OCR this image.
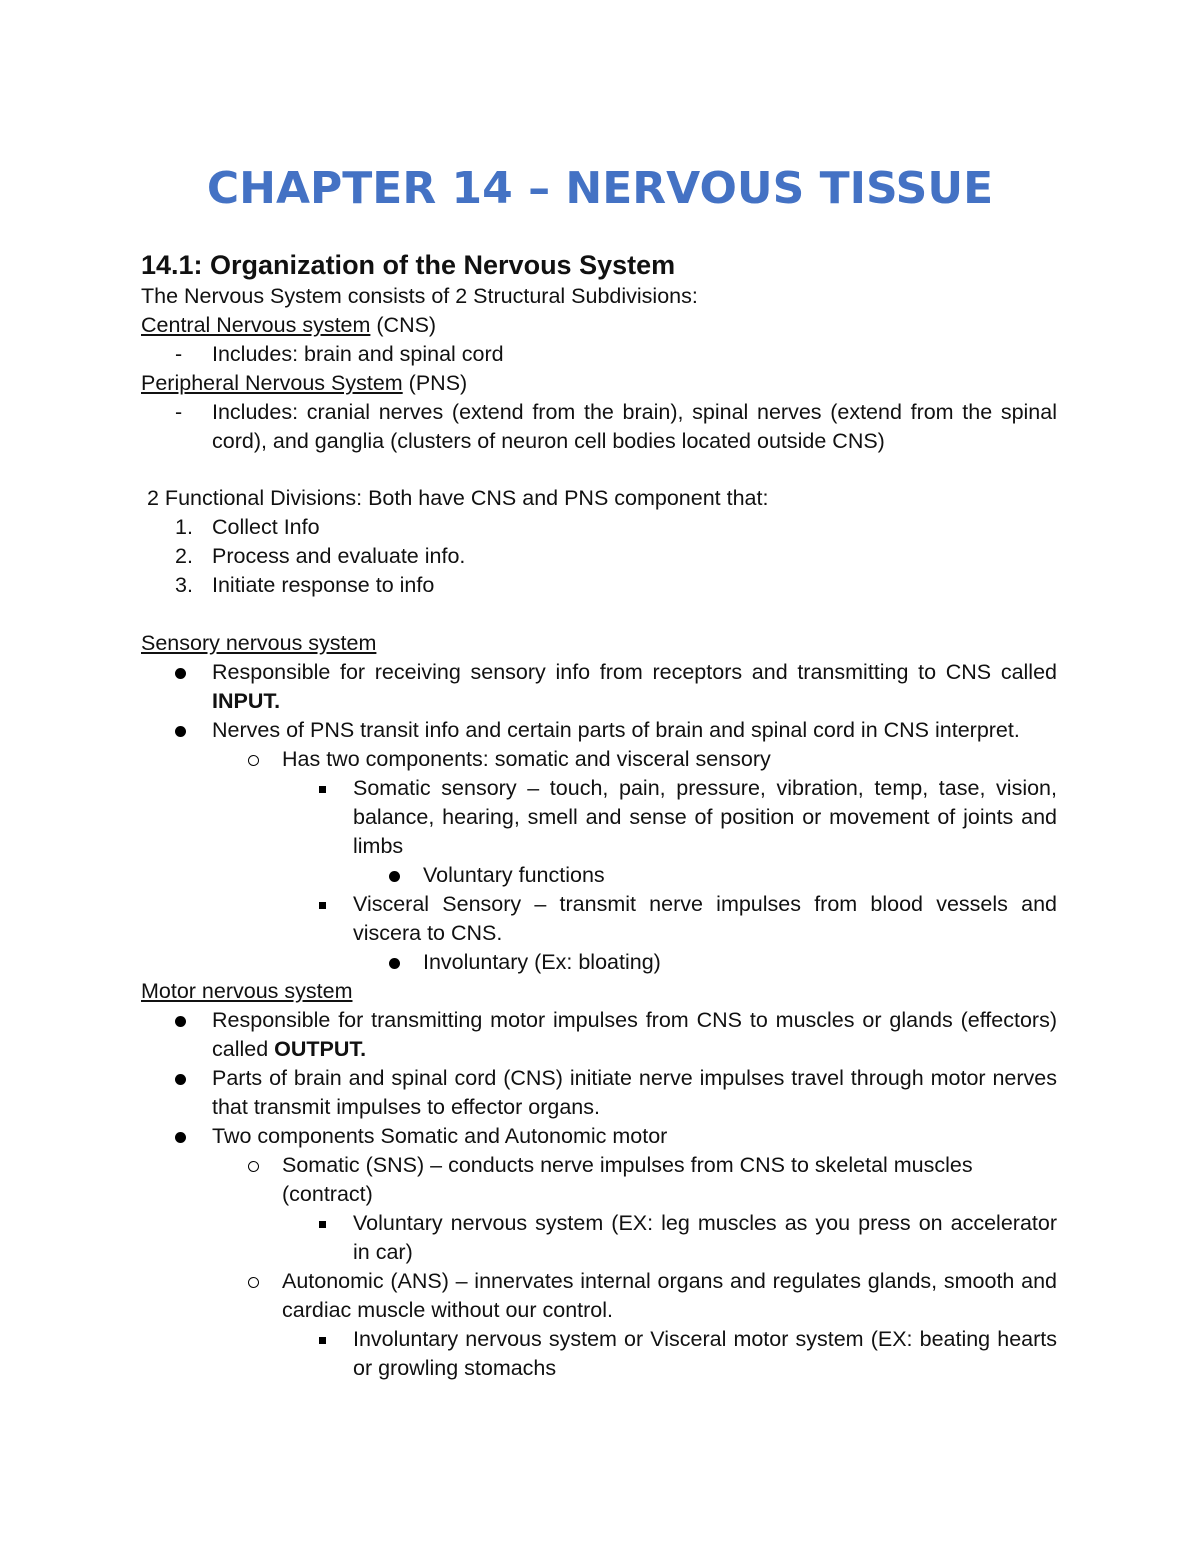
CHAPTER 14 – NERVOUS TISSUE
14.1: Organization of the Nervous System
The Nervous System consists of 2 Structural Subdivisions:
Central Nervous system (CNS)
- Includes: brain and spinal cord
Peripheral Nervous System (PNS)
- Includes: cranial nerves (extend from the brain), spinal nerves (extend from the spinal cord), and ganglia (clusters of neuron cell bodies located outside CNS)
2 Functional Divisions: Both have CNS and PNS component that:
1. Collect Info
2. Process and evaluate info.
3. Initiate response to info
Sensory nervous system
Responsible for receiving sensory info from receptors and transmitting to CNS called INPUT.
Nerves of PNS transit info and certain parts of brain and spinal cord in CNS interpret.
Has two components: somatic and visceral sensory
Somatic sensory – touch, pain, pressure, vibration, temp, tase, vision, balance, hearing, smell and sense of position or movement of joints and limbs
Voluntary functions
Visceral Sensory – transmit nerve impulses from blood vessels and viscera to CNS.
Involuntary (Ex: bloating)
Motor nervous system
Responsible for transmitting motor impulses from CNS to muscles or glands (effectors) called OUTPUT.
Parts of brain and spinal cord (CNS) initiate nerve impulses travel through motor nerves that transmit impulses to effector organs.
Two components Somatic and Autonomic motor
Somatic (SNS) – conducts nerve impulses from CNS to skeletal muscles (contract)
Voluntary nervous system (EX: leg muscles as you press on accelerator in car)
Autonomic (ANS) – innervates internal organs and regulates glands, smooth and cardiac muscle without our control.
Involuntary nervous system or Visceral motor system (EX: beating hearts or growling stomachs
